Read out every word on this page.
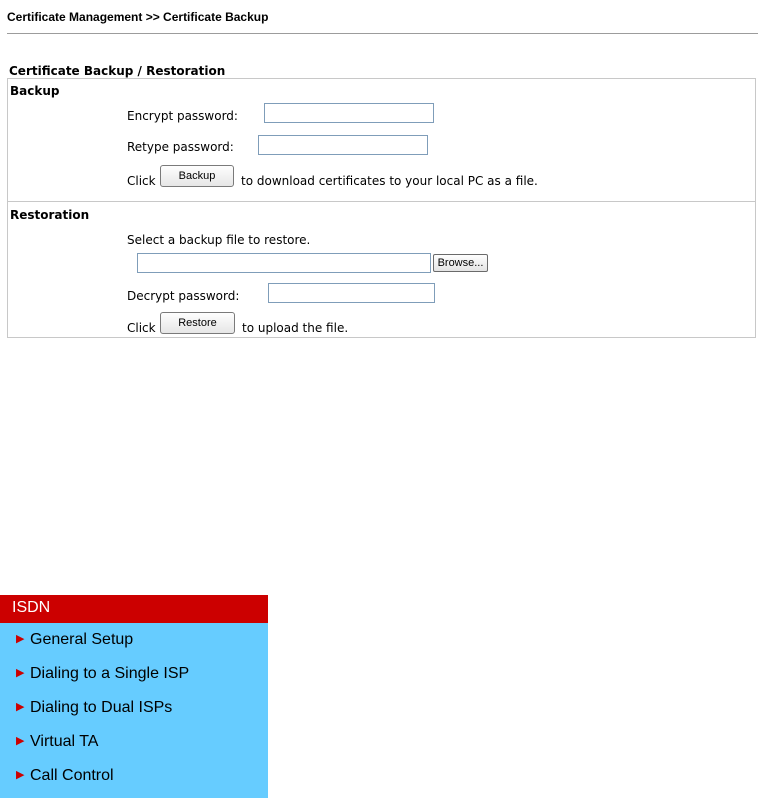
Certificate Management >> Certificate Backup
Certificate Backup / Restoration
Backup
Encrypt password:
Retype password:
Click	Backup	to download certificates to your local PC as a file.
Restoration
Select a backup file to restore.
Browse...
Decrypt password:
Click	Restore	to upload the file.
ISDN
▶ General Setup
▶ Dialing to a Single ISP
▶ Dialing to Dual ISPs
▶ Virtual TA
▶ Call Control
